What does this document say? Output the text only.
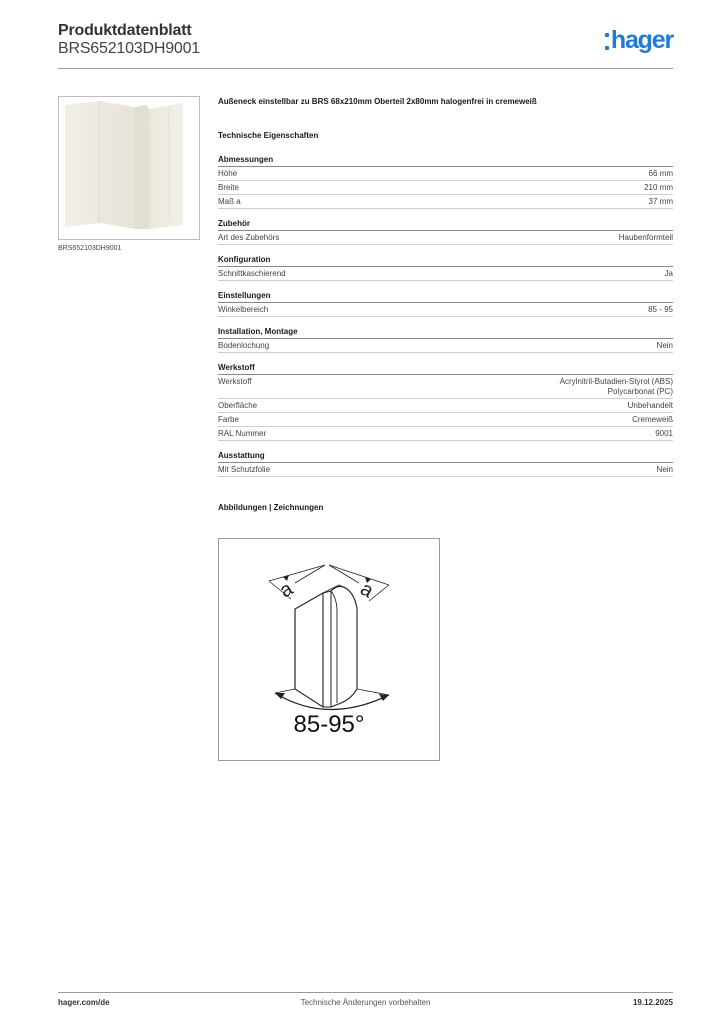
Produktdatenblatt
BRS652103DH9001	hager
BRS652103DH9001
Außeneck einstellbar zu BRS 68x210mm Oberteil 2x80mm halogenfrei in cremeweiß
Technische Eigenschaften
Abmessungen
Höhe	66 mm
Breite	210 mm
Maß a	37 mm
Zubehör
Art des Zubehörs	Haubenformteil
Konfiguration
Schnittkaschierend	Ja
Einstellungen
Winkelbereich	85 - 95
Installation, Montage
Bodenlochung	Nein
Werkstoff
Werkstoff	Acrylnitril-Butadien-Styrol (ABS)
Polycarbonat (PC)
Oberfläche	Unbehandelt
Farbe	Cremeweiß
RAL Nummer	9001
Ausstattung
Mit Schutzfolie	Nein
Abbildungen | Zeichnungen
a	a
85-95°
hager.com/de	Technische Änderungen vorbehalten	19.12.2025
